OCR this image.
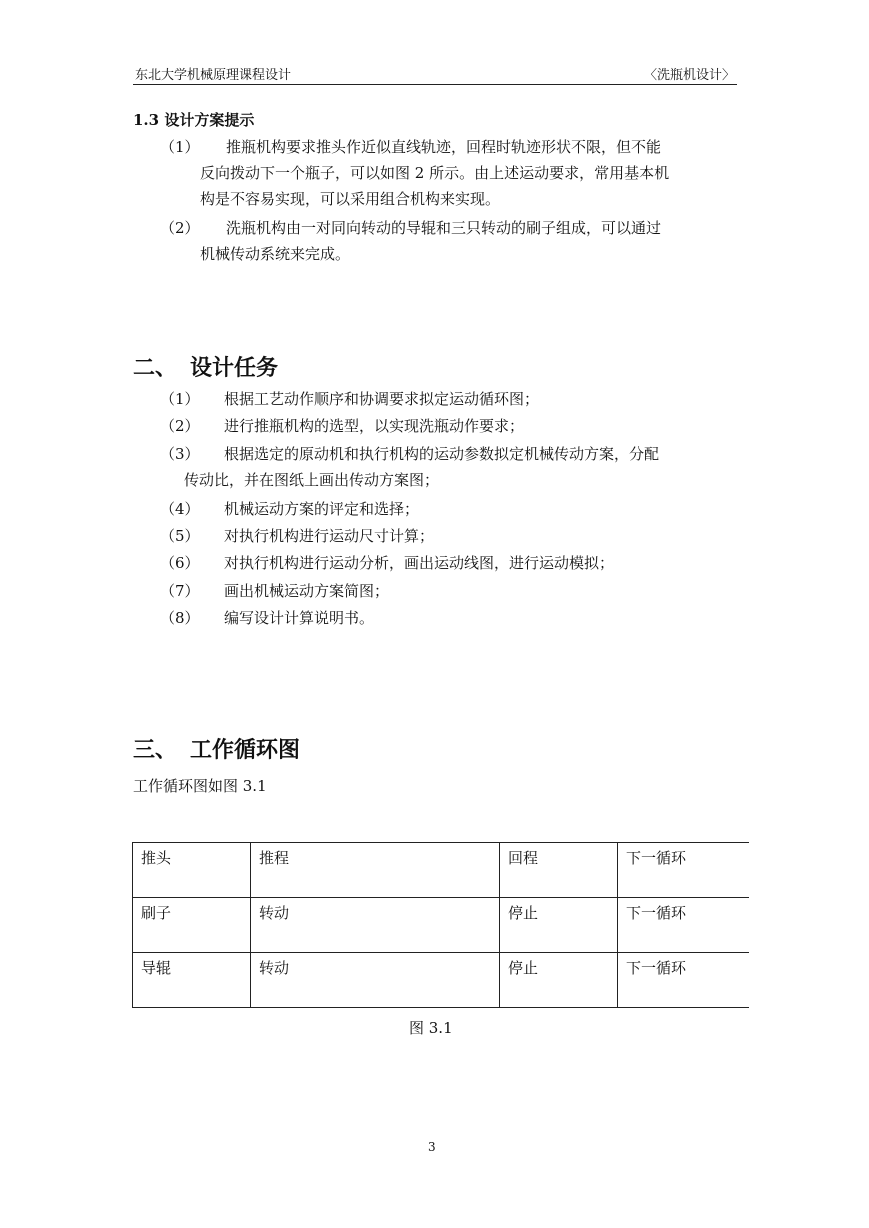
东北大学机械原理课程设计	〈洗瓶机设计〉
1.3 设计方案提示
（1） 推瓶机构要求推头作近似直线轨迹，回程时轨迹形状不限，但不能
反向拨动下一个瓶子，可以如图 2 所示。由上述运动要求，常用基本机
构是不容易实现，可以采用组合机构来实现。
（2） 洗瓶机构由一对同向转动的导辊和三只转动的刷子组成，可以通过
机械传动系统来完成。
二、 设计任务
（1） 根据工艺动作顺序和协调要求拟定运动循环图；
（2） 进行推瓶机构的选型，以实现洗瓶动作要求；
（3） 根据选定的原动机和执行机构的运动参数拟定机械传动方案，分配
传动比，并在图纸上画出传动方案图；
（4） 机械运动方案的评定和选择；
（5） 对执行机构进行运动尺寸计算；
（6） 对执行机构进行运动分析，画出运动线图，进行运动模拟；
（7） 画出机械运动方案简图；
（8） 编写设计计算说明书。
三、 工作循环图
工作循环图如图 3.1
推头	推程	回程	下一循环
刷子	转动	停止	下一循环
导辊	转动	停止	下一循环
图 3.1
3
